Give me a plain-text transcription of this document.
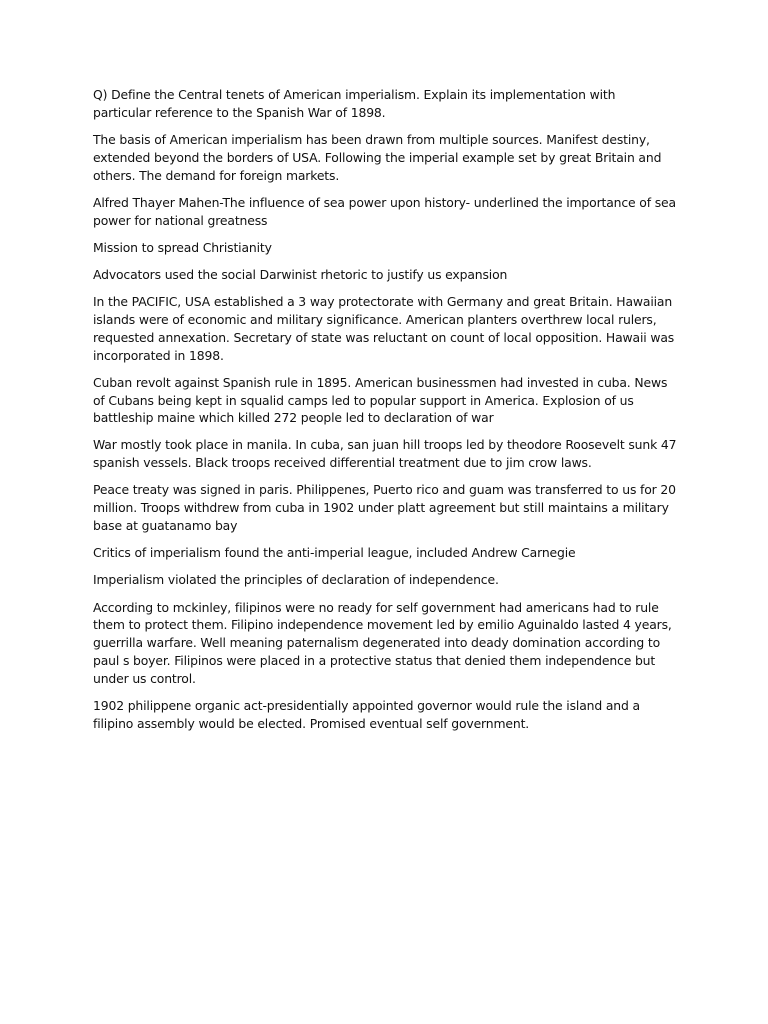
Q) Define the Central tenets of American imperialism. Explain its implementation with particular reference to the Spanish War of 1898.

The basis of American imperialism has been drawn from multiple sources. Manifest destiny, extended beyond the borders of USA. Following the imperial example set by great Britain and others. The demand for foreign markets.

Alfred Thayer Mahen-The influence of sea power upon history- underlined the importance of sea power for national greatness

Mission to spread Christianity

Advocators used the social Darwinist rhetoric to justify us expansion

In the PACIFIC, USA established a 3 way protectorate with Germany and great Britain. Hawaiian islands were of economic and military significance. American planters overthrew local rulers, requested annexation. Secretary of state was reluctant on count of local opposition. Hawaii was incorporated in 1898.

Cuban revolt against Spanish rule in 1895. American businessmen had invested in cuba. News of Cubans being kept in squalid camps led to popular support in America. Explosion of us battleship maine which killed 272 people led to declaration of war

War mostly took place in manila. In cuba, san juan hill troops led by theodore Roosevelt sunk 47 spanish vessels. Black troops received differential treatment due to jim crow laws.

Peace treaty was signed in paris. Philippenes, Puerto rico and guam was transferred to us for 20 million. Troops withdrew from cuba in 1902 under platt agreement but still maintains a military base at guatanamo bay

Critics of imperialism found the anti-imperial league, included Andrew Carnegie

Imperialism violated the principles of declaration of independence.

According to mckinley, filipinos were no ready for self government had americans had to rule them to protect them. Filipino independence movement led by emilio Aguinaldo lasted 4 years, guerrilla warfare. Well meaning paternalism degenerated into deady domination according to paul s boyer. Filipinos were placed in a protective status that denied them independence but under us control.

1902 philippene organic act-presidentially appointed governor would rule the island and a filipino assembly would be elected. Promised eventual self government.
